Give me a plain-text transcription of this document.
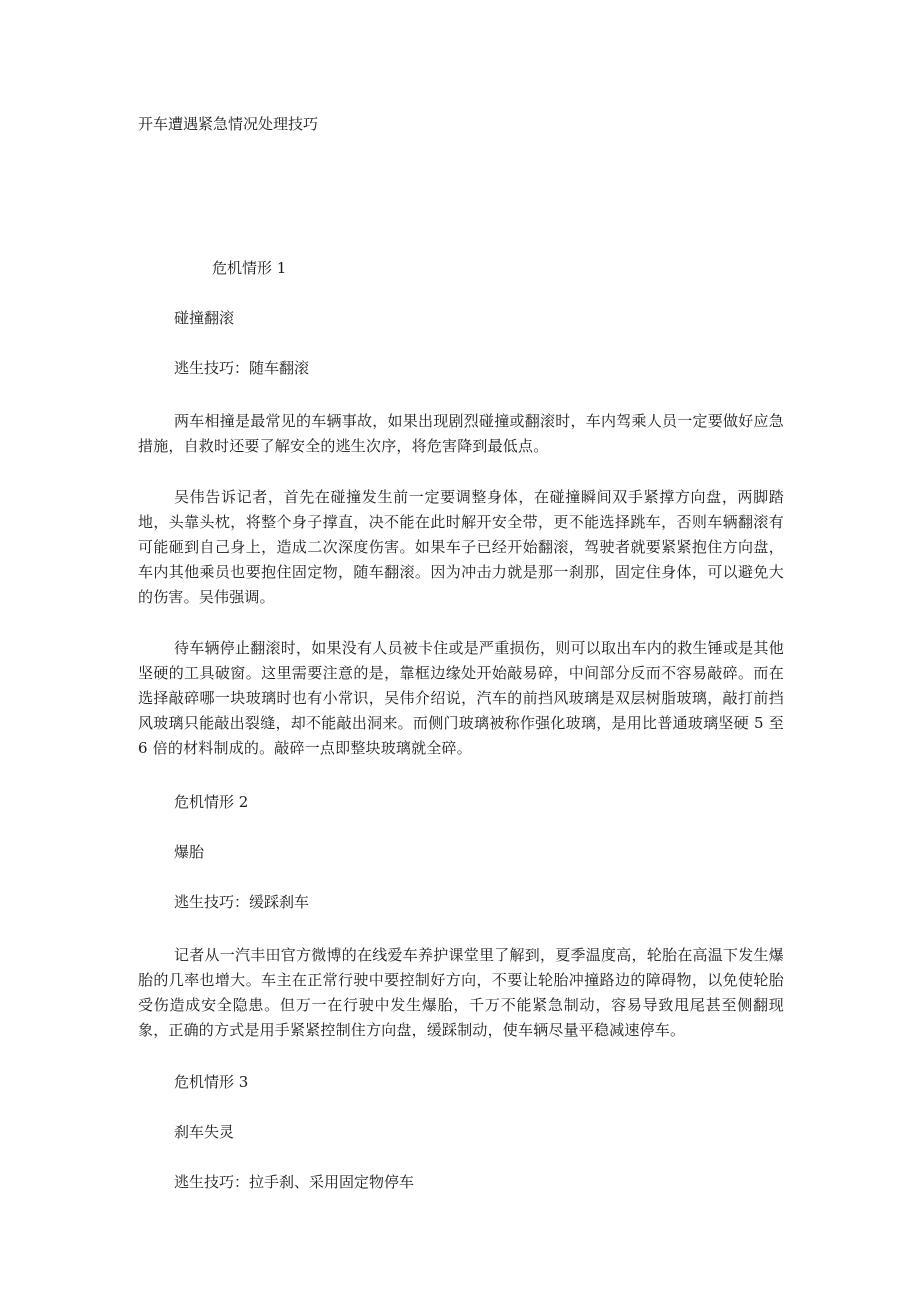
开车遭遇紧急情况处理技巧

危机情形 1

碰撞翻滚

逃生技巧：随车翻滚

两车相撞是最常见的车辆事故，如果出现剧烈碰撞或翻滚时，车内驾乘人员一定要做好应急措施，自救时还要了解安全的逃生次序，将危害降到最低点。

吴伟告诉记者，首先在碰撞发生前一定要调整身体，在碰撞瞬间双手紧撑方向盘，两脚踏地，头靠头枕，将整个身子撑直，决不能在此时解开安全带，更不能选择跳车，否则车辆翻滚有可能砸到自己身上，造成二次深度伤害。如果车子已经开始翻滚，驾驶者就要紧紧抱住方向盘，车内其他乘员也要抱住固定物，随车翻滚。因为冲击力就是那一刹那，固定住身体，可以避免大的伤害。吴伟强调。

待车辆停止翻滚时，如果没有人员被卡住或是严重损伤，则可以取出车内的救生锤或是其他坚硬的工具破窗。这里需要注意的是，靠框边缘处开始敲易碎，中间部分反而不容易敲碎。而在选择敲碎哪一块玻璃时也有小常识，吴伟介绍说，汽车的前挡风玻璃是双层树脂玻璃，敲打前挡风玻璃只能敲出裂缝，却不能敲出洞来。而侧门玻璃被称作强化玻璃，是用比普通玻璃坚硬 5 至 6 倍的材料制成的。敲碎一点即整块玻璃就全碎。

危机情形 2

爆胎

逃生技巧：缓踩刹车

记者从一汽丰田官方微博的在线爱车养护课堂里了解到，夏季温度高，轮胎在高温下发生爆胎的几率也增大。车主在正常行驶中要控制好方向，不要让轮胎冲撞路边的障碍物，以免使轮胎受伤造成安全隐患。但万一在行驶中发生爆胎，千万不能紧急制动，容易导致甩尾甚至侧翻现象，正确的方式是用手紧紧控制住方向盘，缓踩制动，使车辆尽量平稳减速停车。

危机情形 3

刹车失灵

逃生技巧：拉手刹、采用固定物停车
